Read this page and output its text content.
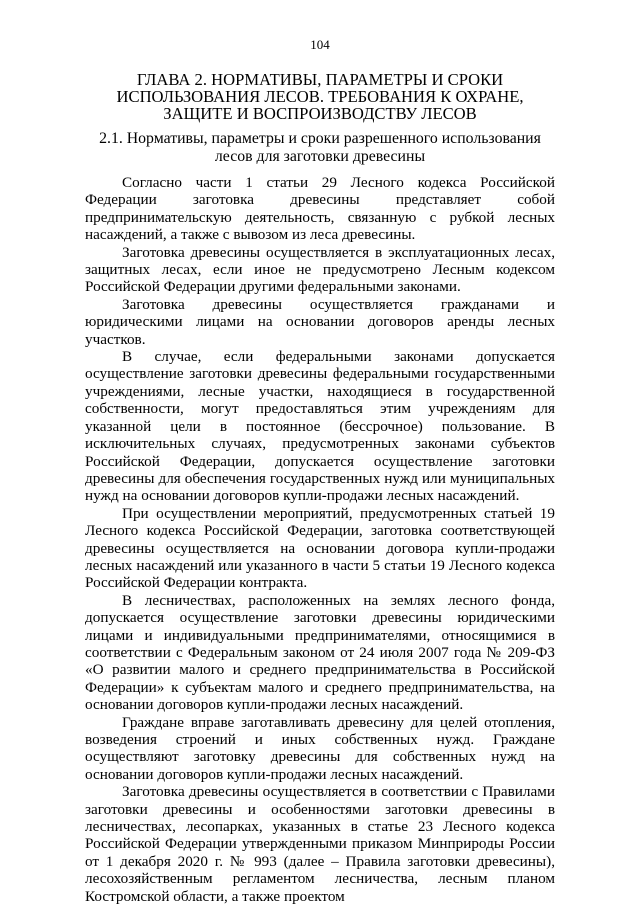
104
ГЛАВА 2. НОРМАТИВЫ, ПАРАМЕТРЫ И СРОКИ ИСПОЛЬЗОВАНИЯ ЛЕСОВ. ТРЕБОВАНИЯ К ОХРАНЕ, ЗАЩИТЕ И ВОСПРОИЗВОДСТВУ ЛЕСОВ
2.1. Нормативы, параметры и сроки разрешенного использования лесов для заготовки древесины

Согласно части 1 статьи 29 Лесного кодекса Российской Федерации заготовка древесины представляет собой предпринимательскую деятельность, связанную с рубкой лесных насаждений, а также с вывозом из леса древесины.

Заготовка древесины осуществляется в эксплуатационных лесах, защитных лесах, если иное не предусмотрено Лесным кодексом Российской Федерации другими федеральными законами.

Заготовка древесины осуществляется гражданами и юридическими лицами на основании договоров аренды лесных участков.

В случае, если федеральными законами допускается осуществление заготовки древесины федеральными государственными учреждениями, лесные участки, находящиеся в государственной собственности, могут предоставляться этим учреждениям для указанной цели в постоянное (бессрочное) пользование. В исключительных случаях, предусмотренных законами субъектов Российской Федерации, допускается осуществление заготовки древесины для обеспечения государственных нужд или муниципальных нужд на основании договоров купли-продажи лесных насаждений.

При осуществлении мероприятий, предусмотренных статьей 19 Лесного кодекса Российской Федерации, заготовка соответствующей древесины осуществляется на основании договора купли-продажи лесных насаждений или указанного в части 5 статьи 19 Лесного кодекса Российской Федерации контракта.

В лесничествах, расположенных на землях лесного фонда, допускается осуществление заготовки древесины юридическими лицами и индивидуальными предпринимателями, относящимися в соответствии с Федеральным законом от 24 июля 2007 года № 209-ФЗ «О развитии малого и среднего предпринимательства в Российской Федерации» к субъектам малого и среднего предпринимательства, на основании договоров купли-продажи лесных насаждений.

Граждане вправе заготавливать древесину для целей отопления, возведения строений и иных собственных нужд. Граждане осуществляют заготовку древесины для собственных нужд на основании договоров купли-продажи лесных насаждений.

Заготовка древесины осуществляется в соответствии с Правилами заготовки древесины и особенностями заготовки древесины в лесничествах, лесопарках, указанных в статье 23 Лесного кодекса Российской Федерации утвержденными приказом Минприроды России от 1 декабря 2020 г. № 993 (далее – Правила заготовки древесины), лесохозяйственным регламентом лесничества, лесным планом Костромской области, а также проектом
